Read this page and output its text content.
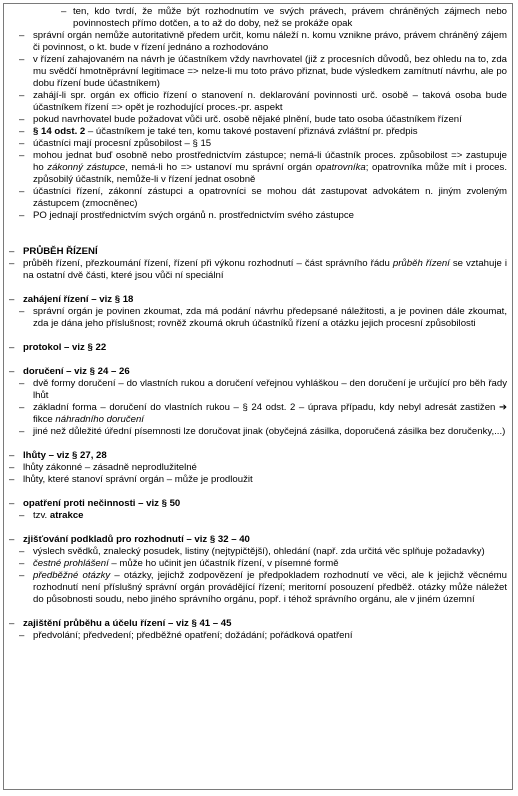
– ten, kdo tvrdí, že může být rozhodnutím ve svých právech, právem chráněných zájmech nebo povinnostech přímo dotčen, a to až do doby, než se prokáže opak
– správní orgán nemůže autoritativně předem určit, komu náleží n. komu vznikne právo, právem chráněný zájem či povinnost, o kt. bude v řízení jednáno a rozhodováno
– v řízení zahajovaném na návrh je účastníkem vždy navrhovatel (již z procesních důvodů, bez ohledu na to, zda mu svědčí hmotněprávní legitimace => nelze-li mu toto právo přiznat, bude výsledkem zamítnutí návrhu, ale po dobu řízení bude účastníkem)
– zahájí-li spr. orgán ex officio řízení o stanovení n. deklarování povinnosti urč. osobě – taková osoba bude účastníkem řízení => opět je rozhodující proces.-pr. aspekt
– pokud navrhovatel bude požadovat vůči urč. osobě nějaké plnění, bude tato osoba účastníkem řízení
– § 14 odst. 2 – účastníkem je také ten, komu takové postavení přiznává zvláštní pr. předpis
– účastníci mají procesní způsobilost – § 15
– mohou jednat buď osobně nebo prostřednictvím zástupce; nemá-li účastník proces. způsobilost => zastupuje ho zákonný zástupce, nemá-li ho => ustanoví mu správní orgán opatrovníka; opatrovníka může mít i proces. způsobilý účastník, nemůže-li v řízení jednat osobně
– účastníci řízení, zákonní zástupci a opatrovníci se mohou dát zastupovat advokátem n. jiným zvoleným zástupcem (zmocněnec)
– PO jednají prostřednictvím svých orgánů n. prostřednictvím svého zástupce
– PRŮBĚH ŘÍZENÍ
– průběh řízení, přezkoumání řízení, řízení při výkonu rozhodnutí – část správního řádu průběh řízení se vztahuje i na ostatní dvě části, které jsou vůči ní speciální
– zahájení řízení – viz § 18
– správní orgán je povinen zkoumat, zda má podání návrhu předepsané náležitosti, a je povinen dále zkoumat, zda je dána jeho příslušnost; rovněž zkoumá okruh účastníků řízení a otázku jejich procesní způsobilosti
– protokol – viz § 22
– doručení – viz § 24 – 26
– dvě formy doručení – do vlastních rukou a doručení veřejnou vyhláškou – den doručení je určující pro běh řady lhůt
– základní forma – doručení do vlastních rukou – § 24 odst. 2 – úprava případu, kdy nebyl adresát zastižen ➔ fikce náhradního doručení
– jiné než důležité úřední písemnosti lze doručovat jinak (obyčejná zásilka, doporučená zásilka bez doručenky,...)
– lhůty – viz § 27, 28
– lhůty zákonné – zásadně neprodlužitelné
– lhůty, které stanoví správní orgán – může je prodloužit
– opatření proti nečinnosti – viz § 50
– tzv. atrakce
– zjišťování podkladů pro rozhodnutí – viz § 32 – 40
– výslech svědků, znalecký posudek, listiny (nejtypičtější), ohledání (např. zda určitá věc splňuje požadavky)
– čestné prohlášení – může ho učinit jen účastník řízení, v písemné formě
– předběžné otázky – otázky, jejichž zodpovězení je předpokladem rozhodnutí ve věci, ale k jejichž věcnému rozhodnutí není příslušný správní orgán provádějící řízení; meritorní posouzení předběž. otázky může náležet do působnosti soudu, nebo jiného správního orgánu, popř. i téhož správního orgánu, ale v jiném územní
– zajištění průběhu a účelu řízení – viz § 41 – 45
– předvolání; předvedení; předběžné opatření; dožádání; pořádková opatření
